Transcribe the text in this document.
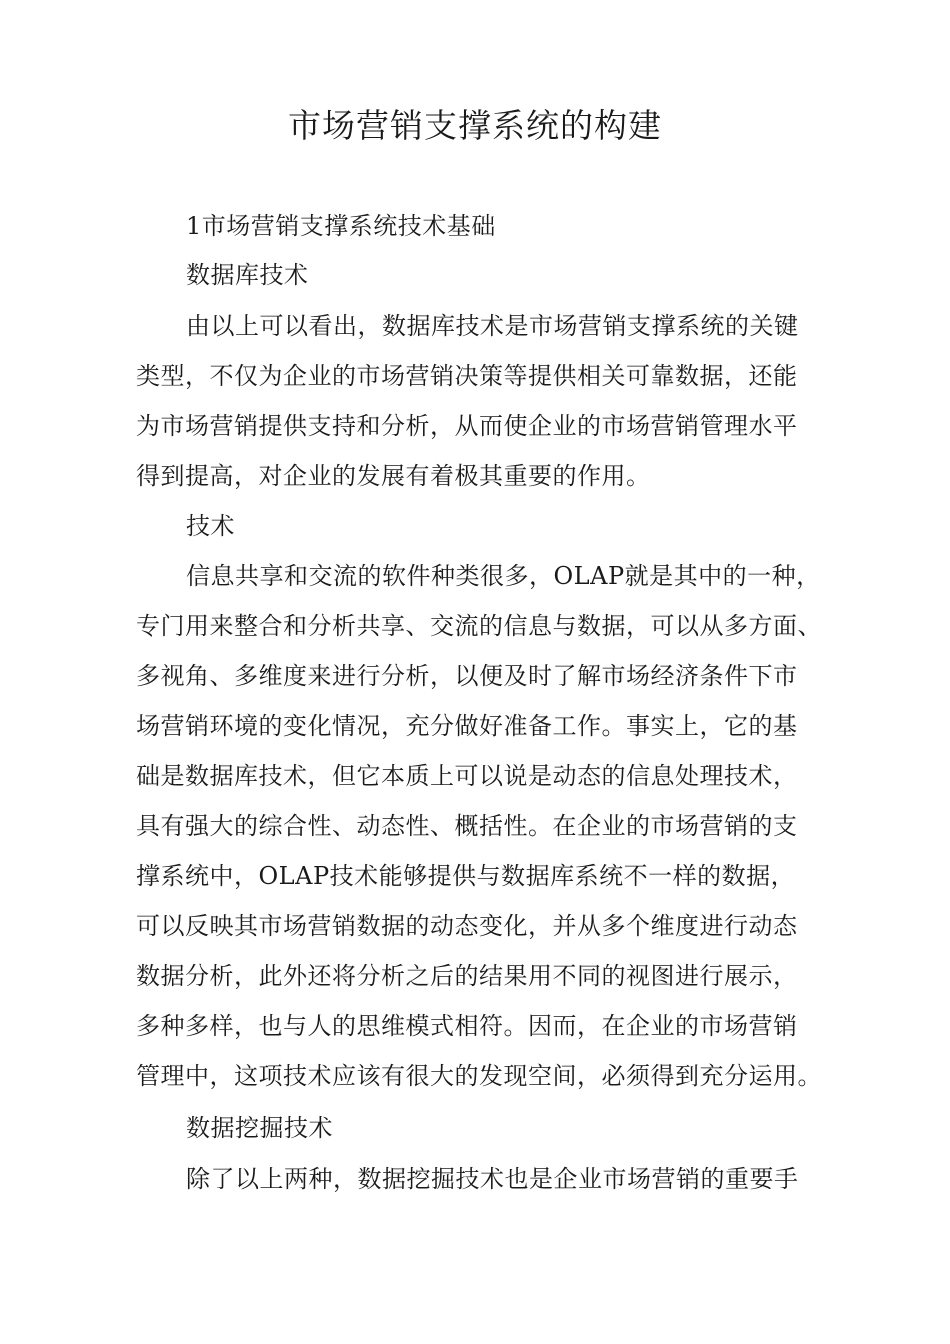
市场营销支撑系统的构建

1市场营销支撑系统技术基础

数据库技术

由以上可以看出，数据库技术是市场营销支撑系统的关键

类型，不仅为企业的市场营销决策等提供相关可靠数据，还能

为市场营销提供支持和分析，从而使企业的市场营销管理水平

得到提高，对企业的发展有着极其重要的作用。

技术

信息共享和交流的软件种类很多，OLAP就是其中的一种，

专门用来整合和分析共享、交流的信息与数据，可以从多方面、

多视角、多维度来进行分析，以便及时了解市场经济条件下市

场营销环境的变化情况，充分做好准备工作。事实上，它的基

础是数据库技术，但它本质上可以说是动态的信息处理技术，

具有强大的综合性、动态性、概括性。在企业的市场营销的支

撑系统中，OLAP技术能够提供与数据库系统不一样的数据，

可以反映其市场营销数据的动态变化，并从多个维度进行动态

数据分析，此外还将分析之后的结果用不同的视图进行展示，

多种多样，也与人的思维模式相符。因而，在企业的市场营销

管理中，这项技术应该有很大的发现空间，必须得到充分运用。

数据挖掘技术

除了以上两种，数据挖掘技术也是企业市场营销的重要手
